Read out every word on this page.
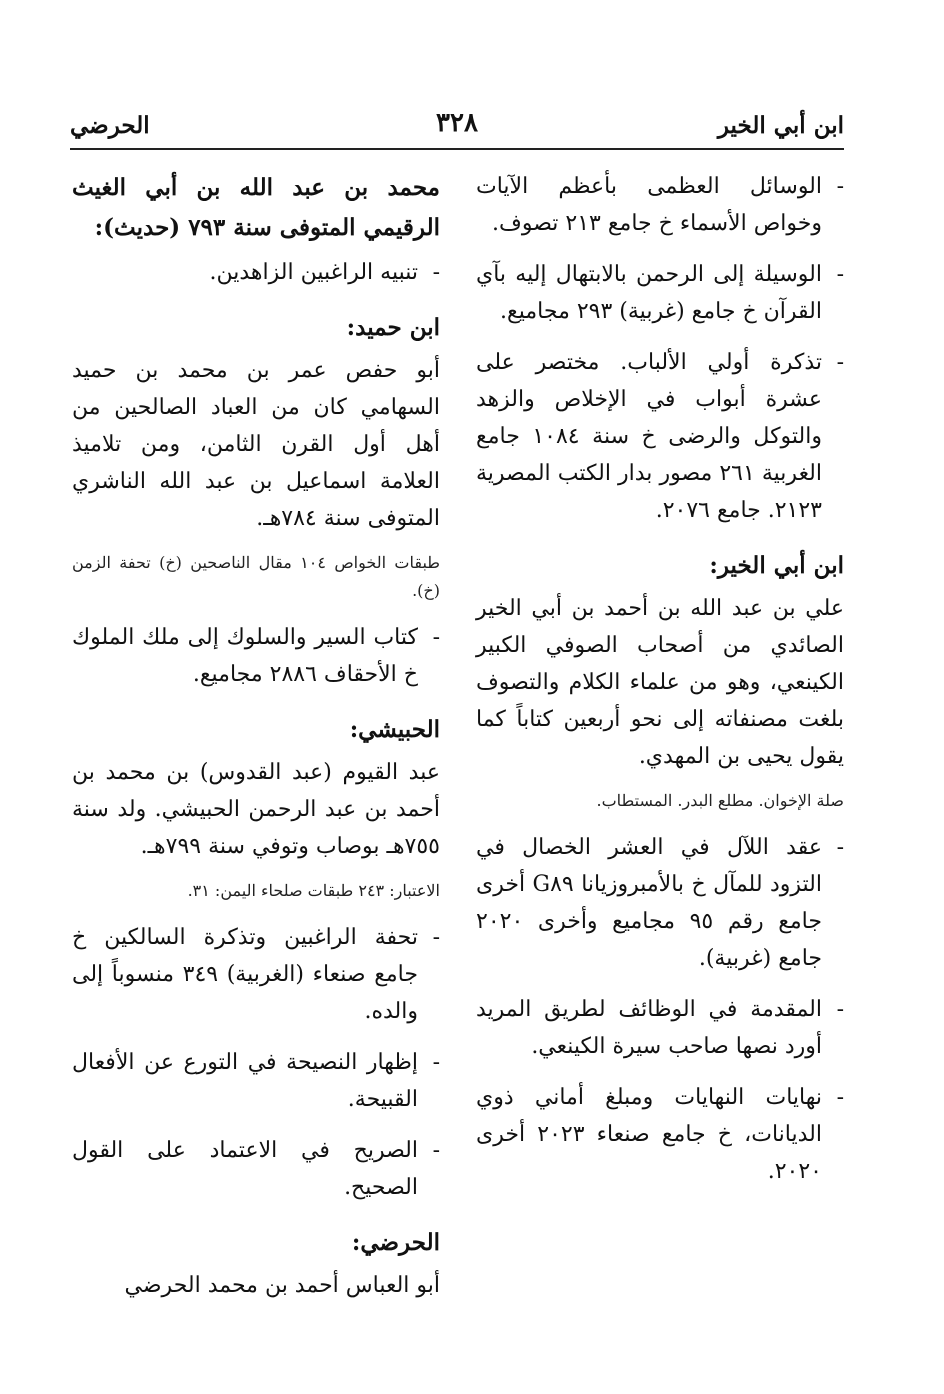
ابن أبي الخير
٣٢٨
الحرضي

-الوسائل العظمى بأعظم الآيات وخواص الأسماء خ جامع ٢١٣ تصوف.

-الوسيلة إلى الرحمن بالابتهال إليه بآي القرآن خ جامع (غربية) ٢٩٣ مجاميع.

-تذكرة أولي الألباب. مختصر على عشرة أبواب في الإخلاص والزهد والتوكل والرضى خ سنة ١٠٨٤ جامع الغربية ٢٦١ مصور بدار الكتب المصرية ٢١٢٣. جامع ٢٠٧٦.

ابن أبي الخير:

علي بن عبد الله بن أحمد بن أبي الخير الصائدي من أصحاب الصوفي الكبير الكينعي، وهو من علماء الكلام والتصوف بلغت مصنفاته إلى نحو أربعين كتاباً كما يقول يحيى بن المهدي.

صلة الإخوان. مطلع البدر. المستطاب.

-عقد اللآل في العشر الخصال في التزود للمآل خ بالأمبروزيانا G٨٩ أخرى جامع رقم ٩٥ مجاميع وأخرى ٢٠٢٠ جامع (غربية).

-المقدمة في الوظائف لطريق المريد أورد نصها صاحب سيرة الكينعي.

-نهايات النهايات ومبلغ أماني ذوي الديانات، خ جامع صنعاء ٢٠٢٣ أخرى ٢٠٢٠.

محمد بن عبد الله بن أبي الغيث الرقيمي المتوفى سنة ٧٩٣ (حديث):

-تنبيه الراغبين الزاهدين.

ابن حميد:

أبو حفص عمر بن محمد بن حميد السهامي كان من العباد الصالحين من أهل أول القرن الثامن، ومن تلاميذ العلامة اسماعيل بن عبد الله الناشري المتوفى سنة ٧٨٤هـ.

طبقات الخواص ١٠٤ مقال الناصحين (خ) تحفة الزمن (خ).

-كتاب السير والسلوك إلى ملك الملوك خ الأحقاف ٢٨٨٦ مجاميع.

الحبيشي:

عبد القيوم (عبد القدوس) بن محمد بن أحمد بن عبد الرحمن الحبيشي. ولد سنة ٧٥٥هـ بوصاب وتوفي سنة ٧٩٩هـ.

الاعتبار: ٢٤٣ طبقات صلحاء اليمن: ٣١.

-تحفة الراغبين وتذكرة السالكين خ جامع صنعاء (الغربية) ٣٤٩ منسوباً إلى والده.

-إظهار النصيحة في التورع عن الأفعال القبيحة.

-الصريح في الاعتماد على القول الصحيح.

الحرضي:

أبو العباس أحمد بن محمد الحرضي
